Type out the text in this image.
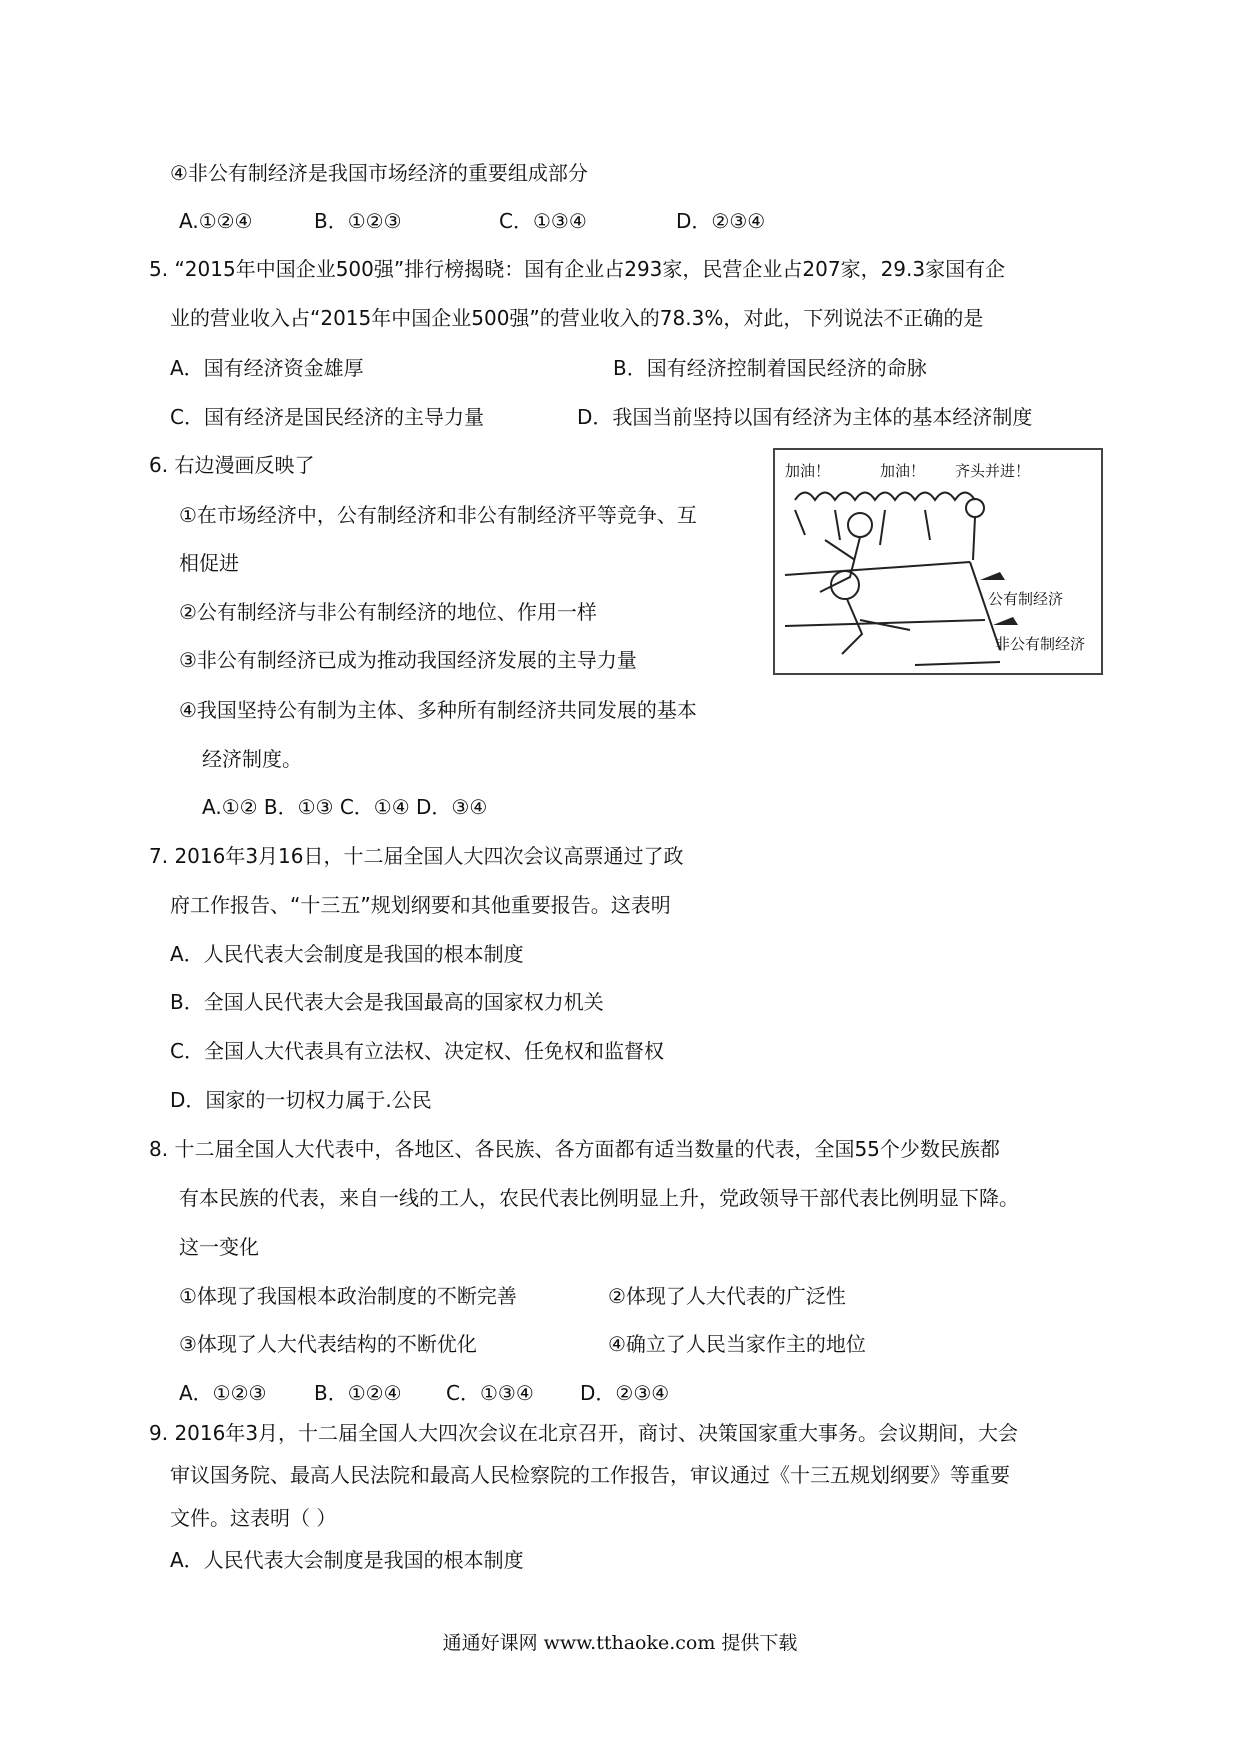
④非公有制经济是我国市场经济的重要组成部分
A.①②④	B．①②③	C．①③④	D．②③④
5. “2015年中国企业500强”排行榜揭晓：国有企业占293家，民营企业占207家，29.3家国有企
业的营业收入占“2015年中国企业500强”的营业收入的78.3%，对此，下列说法不正确的是
A．国有经济资金雄厚	B．国有经济控制着国民经济的命脉
C．国有经济是国民经济的主导力量	D．我国当前坚持以国有经济为主体的基本经济制度
6. 右边漫画反映了
①在市场经济中，公有制经济和非公有制经济平等竞争、互
相促进
②公有制经济与非公有制经济的地位、作用一样
③非公有制经济已成为推动我国经济发展的主导力量
④我国坚持公有制为主体、多种所有制经济共同发展的基本
经济制度。
A.①② B．①③ C．①④ D．③④
加油！	加油！ 齐头并进！
公有制经济
非公有制经济
7. 2016年3月16日，十二届全国人大四次会议高票通过了政
府工作报告、“十三五”规划纲要和其他重要报告。这表明
A．人民代表大会制度是我国的根本制度
B．全国人民代表大会是我国最高的国家权力机关
C．全国人大代表具有立法权、决定权、任免权和监督权
D．国家的一切权力属于.公民
8. 十二届全国人大代表中，各地区、各民族、各方面都有适当数量的代表，全国55个少数民族都
有本民族的代表，来自一线的工人，农民代表比例明显上升，党政领导干部代表比例明显下降。
这一变化
①体现了我国根本政治制度的不断完善	②体现了人大代表的广泛性
③体现了人大代表结构的不断优化	④确立了人民当家作主的地位
A．①②③ B．①②④ C．①③④ D．②③④
9. 2016年3月，十二届全国人大四次会议在北京召开，商讨、决策国家重大事务。会议期间，大会
审议国务院、最高人民法院和最高人民检察院的工作报告，审议通过《十三五规划纲要》等重要
文件。这表明（ ）
A．人民代表大会制度是我国的根本制度
通通好课网 www.tthaoke.com 提供下载
